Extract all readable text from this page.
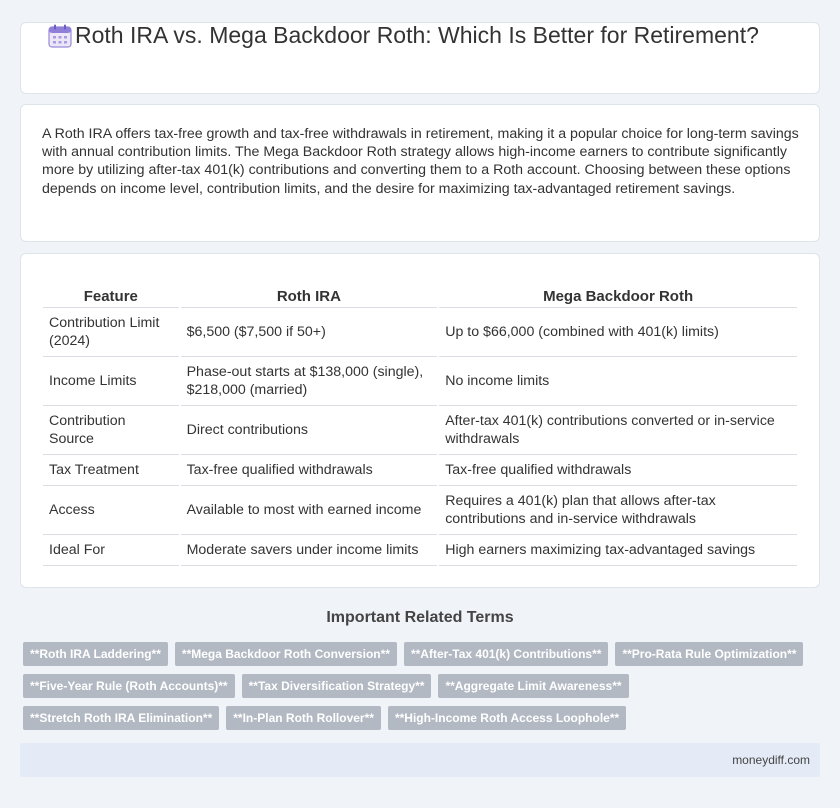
Roth IRA vs. Mega Backdoor Roth: Which Is Better for Retirement?

A Roth IRA offers tax-free growth and tax-free withdrawals in retirement, making it a popular choice for long-term savings with annual contribution limits. The Mega Backdoor Roth strategy allows high-income earners to contribute significantly more by utilizing after-tax 401(k) contributions and converting them to a Roth account. Choosing between these options depends on income level, contribution limits, and the desire for maximizing tax-advantaged retirement savings.

Feature	Roth IRA	Mega Backdoor Roth
Contribution Limit (2024)	$6,500 ($7,500 if 50+)	Up to $66,000 (combined with 401(k) limits)
Income Limits	Phase-out starts at $138,000 (single), $218,000 (married)	No income limits
Contribution Source	Direct contributions	After-tax 401(k) contributions converted or in-service withdrawals
Tax Treatment	Tax-free qualified withdrawals	Tax-free qualified withdrawals
Access	Available to most with earned income	Requires a 401(k) plan that allows after-tax contributions and in-service withdrawals
Ideal For	Moderate savers under income limits	High earners maximizing tax-advantaged savings
Important Related Terms
**Roth IRA Laddering**	**Mega Backdoor Roth Conversion**	**After-Tax 401(k) Contributions**	**Pro-Rata Rule Optimization**
**Five-Year Rule (Roth Accounts)**	**Tax Diversification Strategy**	**Aggregate Limit Awareness**
**Stretch Roth IRA Elimination**	**In-Plan Roth Rollover**	**High-Income Roth Access Loophole**
moneydiff.com
